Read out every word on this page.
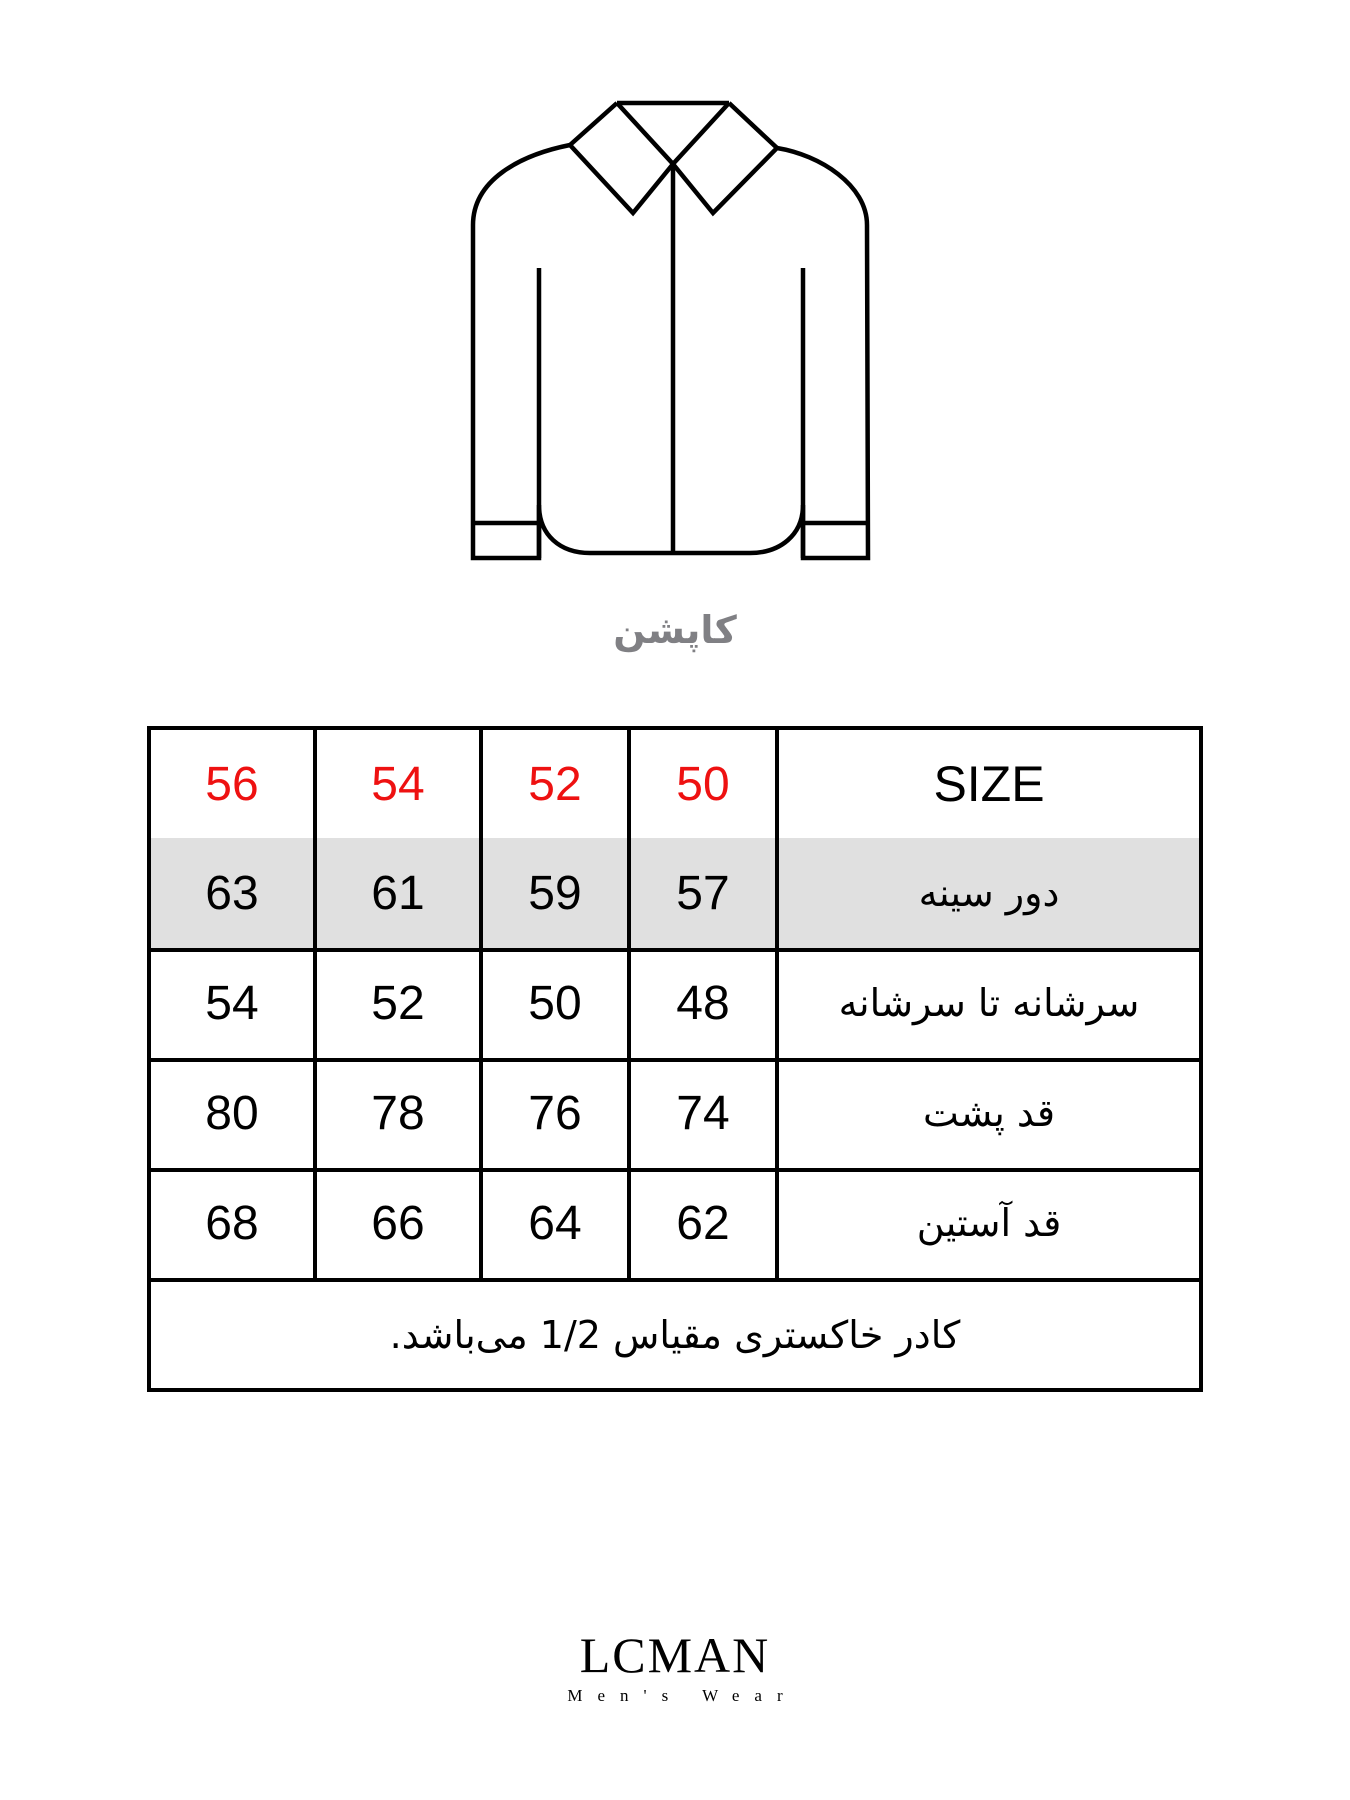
کاپشن
56	54	52	50	SIZE
63	61	59	57	دور سینه
54	52	50	48	سرشانه تا سرشانه
80	78	76	74	قد پشت
68	66	64	62	قد آستین
کادر خاکستری مقیاس 1/2 می‌باشد.
LCMAN
Men's Wear
